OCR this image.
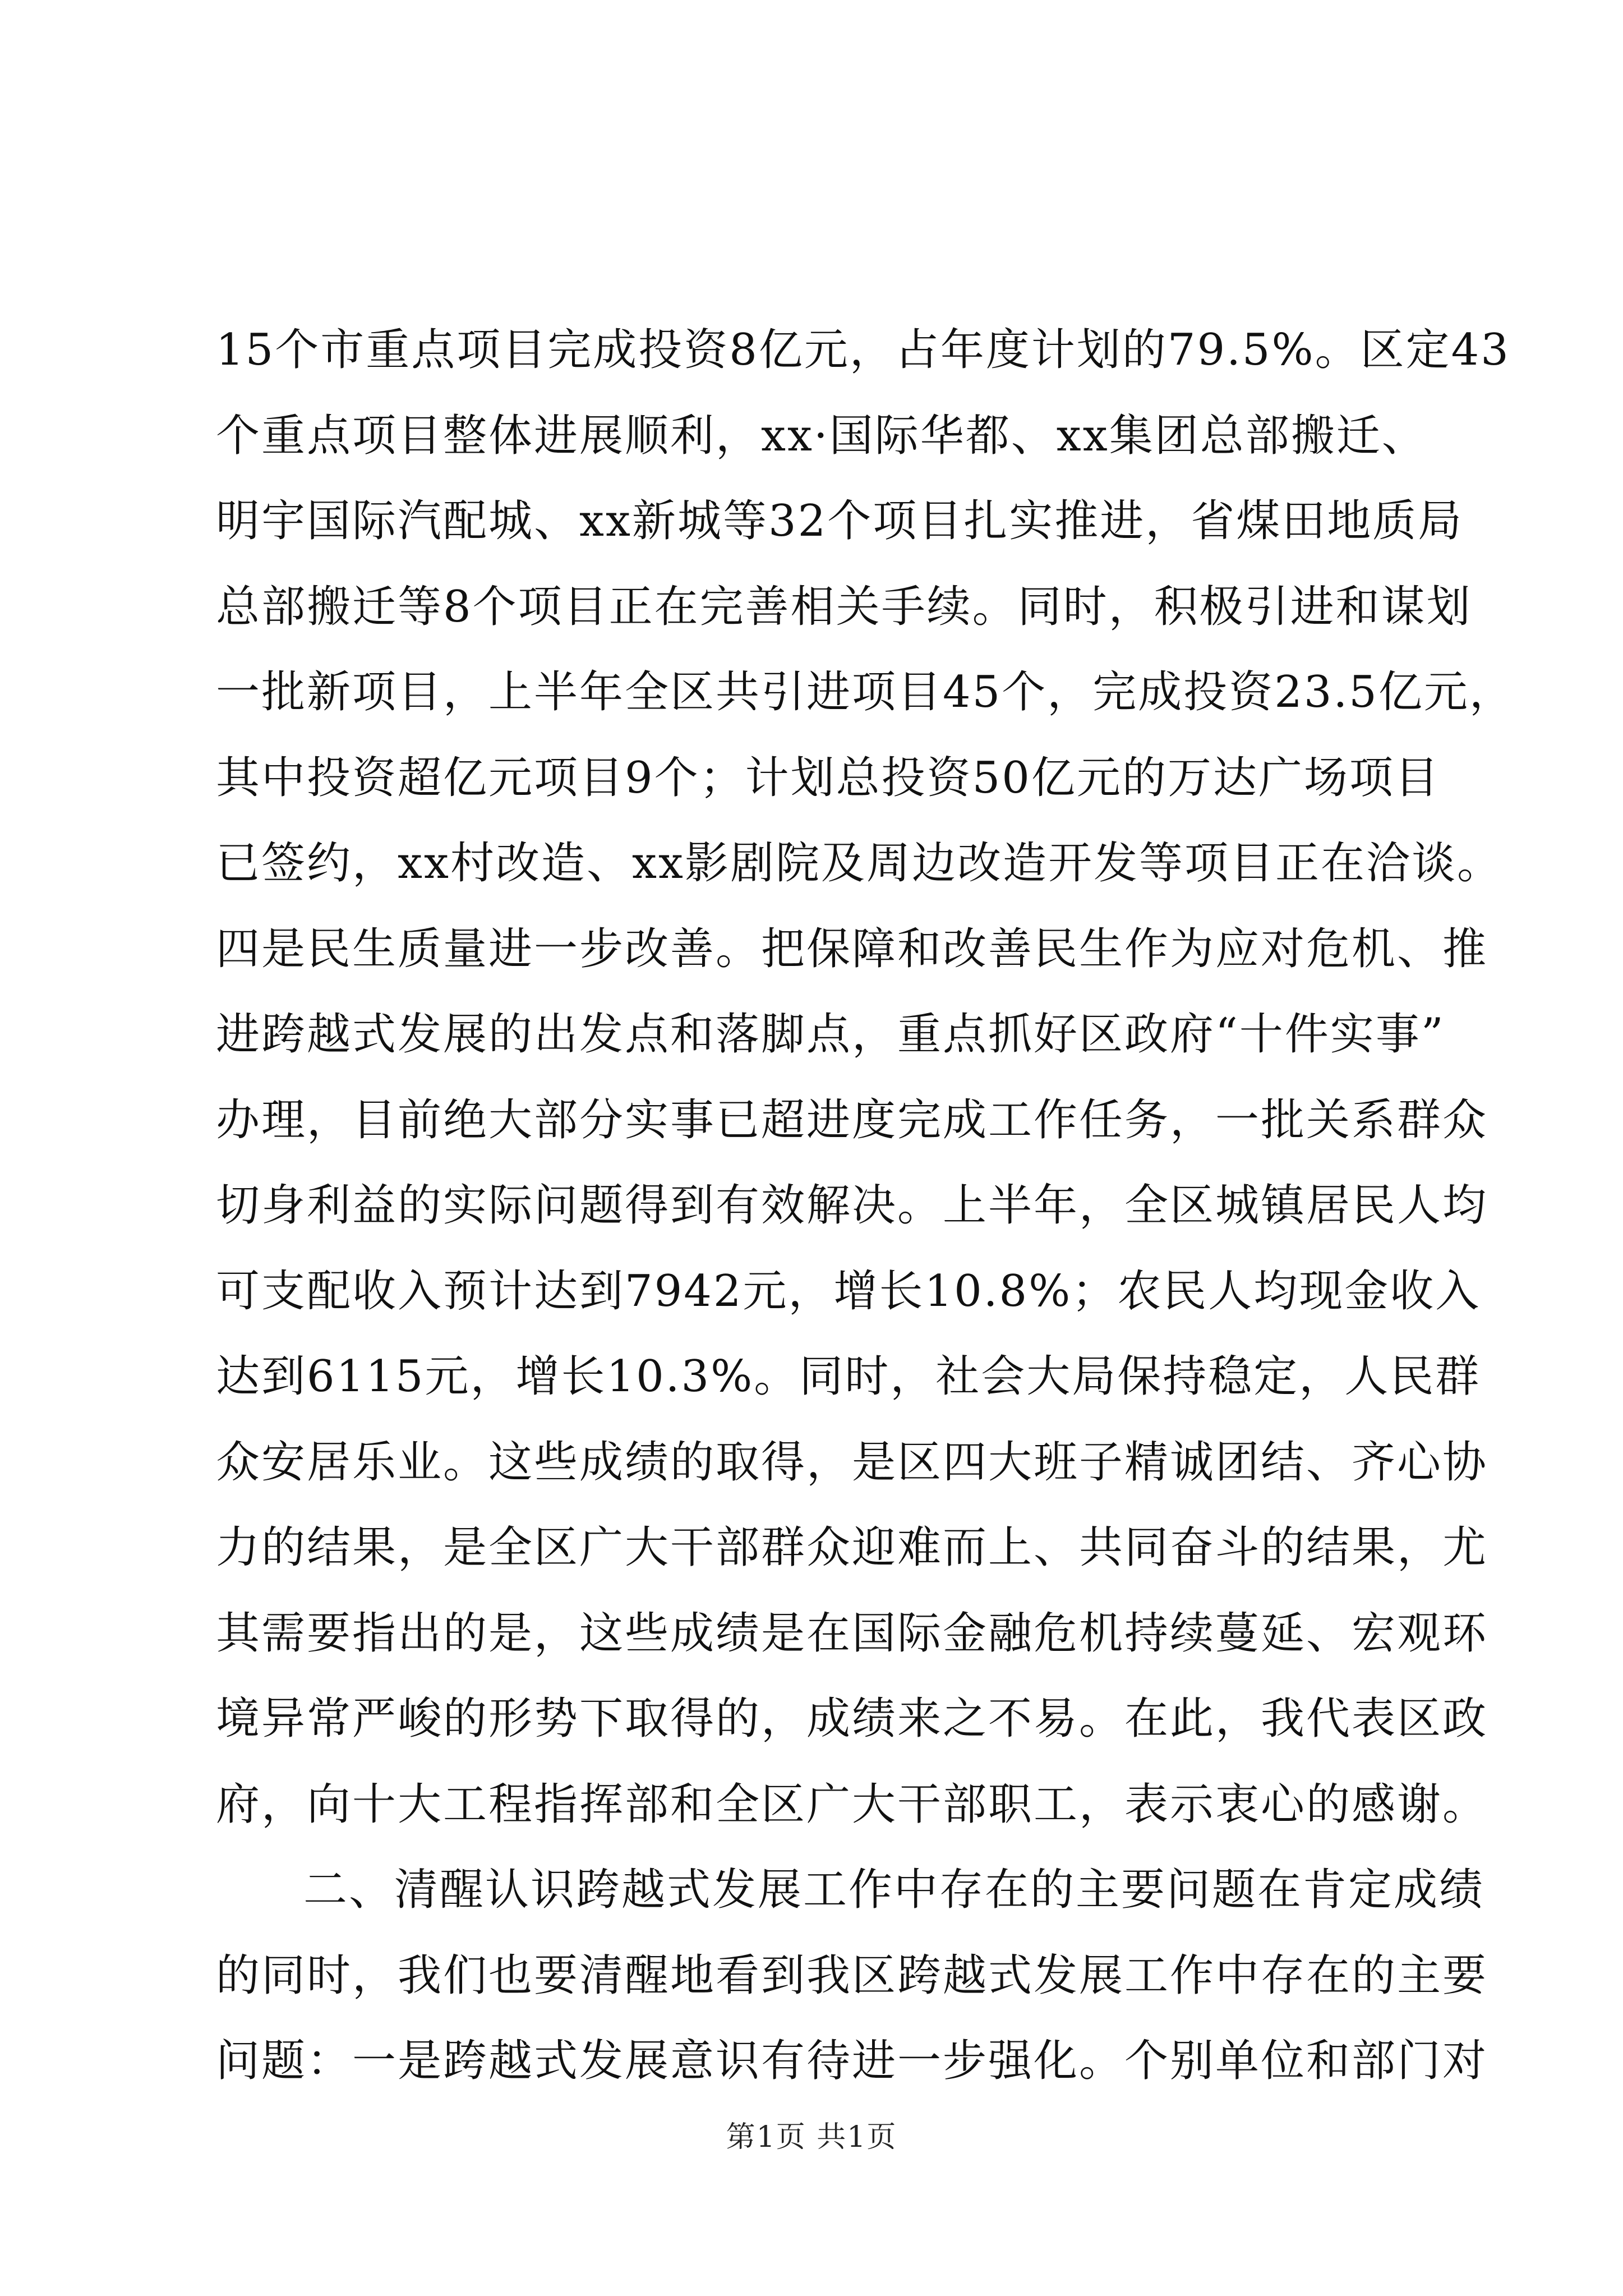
15个市重点项目完成投资8亿元，占年度计划的79.5%。区定43
个重点项目整体进展顺利，xx·国际华都、xx集团总部搬迁、
明宇国际汽配城、xx新城等32个项目扎实推进，省煤田地质局
总部搬迁等8个项目正在完善相关手续。同时，积极引进和谋划
一批新项目，上半年全区共引进项目45个，完成投资23.5亿元，
其中投资超亿元项目9个；计划总投资50亿元的万达广场项目
已签约，xx村改造、xx影剧院及周边改造开发等项目正在洽谈。
四是民生质量进一步改善。把保障和改善民生作为应对危机、推
进跨越式发展的出发点和落脚点，重点抓好区政府“十件实事”
办理，目前绝大部分实事已超进度完成工作任务，一批关系群众
切身利益的实际问题得到有效解决。上半年，全区城镇居民人均
可支配收入预计达到7942元，增长10.8%；农民人均现金收入
达到6115元，增长10.3%。同时，社会大局保持稳定，人民群
众安居乐业。这些成绩的取得，是区四大班子精诚团结、齐心协
力的结果，是全区广大干部群众迎难而上、共同奋斗的结果，尤
其需要指出的是，这些成绩是在国际金融危机持续蔓延、宏观环
境异常严峻的形势下取得的，成绩来之不易。在此，我代表区政
府，向十大工程指挥部和全区广大干部职工，表示衷心的感谢。
二、清醒认识跨越式发展工作中存在的主要问题在肯定成绩
的同时，我们也要清醒地看到我区跨越式发展工作中存在的主要
问题：一是跨越式发展意识有待进一步强化。个别单位和部门对
第1页 共1页
